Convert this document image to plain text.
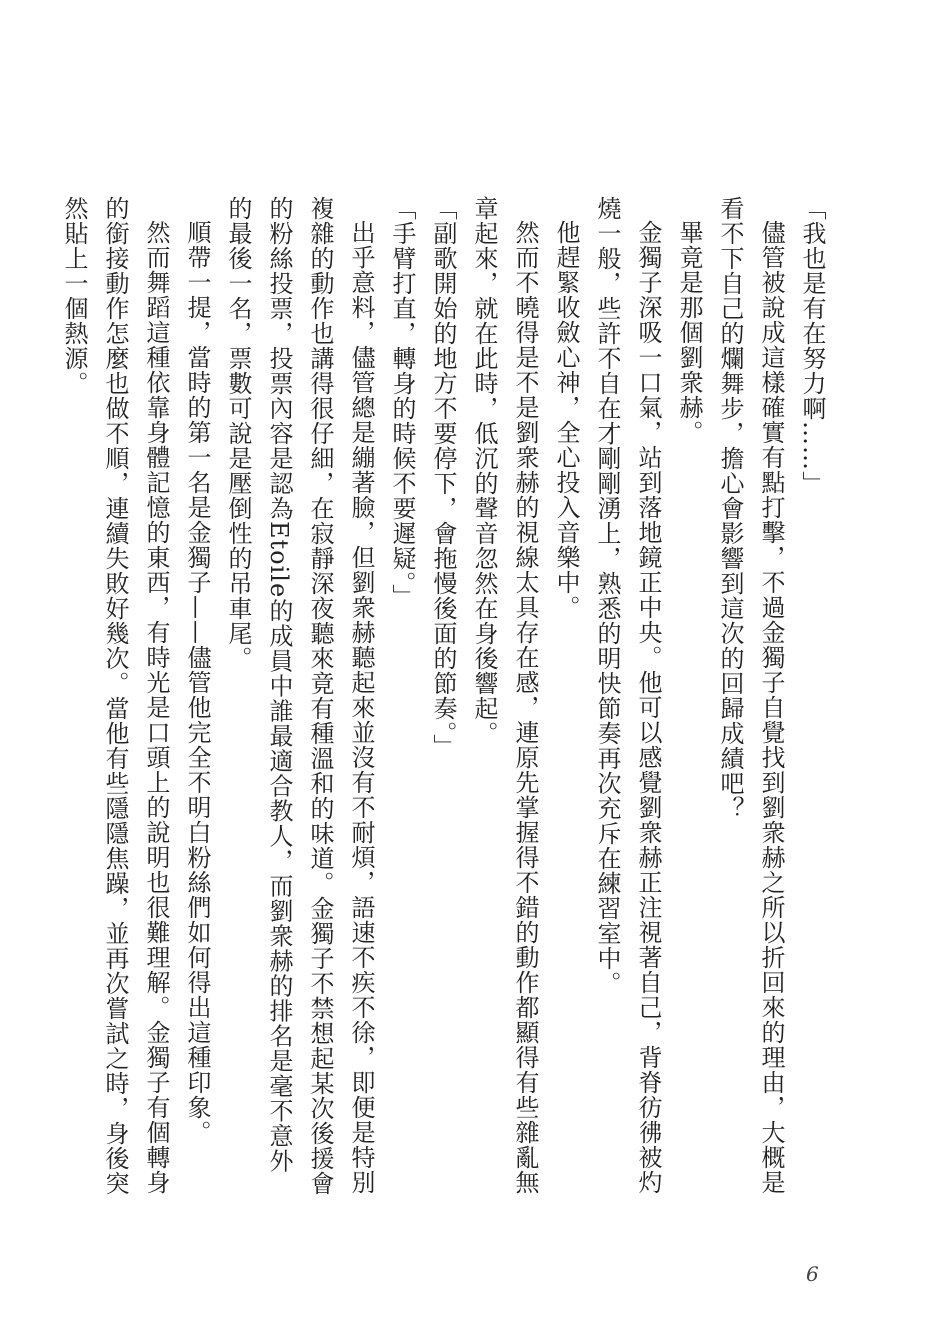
「我也是有在努力啊……」

儘管被說成這樣確實有點打擊，不過金獨子自覺找到劉衆赫之所以折回來的理由，大概是看不下自己的爛舞步，擔心會影響到這次的回歸成績吧？

畢竟是那個劉衆赫。

金獨子深吸一口氣，站到落地鏡正中央。他可以感覺劉衆赫正注視著自己，背脊彷彿被灼燒一般，些許不自在才剛剛湧上，熟悉的明快節奏再次充斥在練習室中。

他趕緊收斂心神，全心投入音樂中。

然而不曉得是不是劉衆赫的視線太具存在感，連原先掌握得不錯的動作都顯得有些雜亂無章起來，就在此時，低沉的聲音忽然在身後響起。

「副歌開始的地方不要停下，會拖慢後面的節奏。」

「手臂打直，轉身的時候不要遲疑。」

出乎意料，儘管總是繃著臉，但劉衆赫聽起來並沒有不耐煩，語速不疾不徐，即便是特別複雜的動作也講得很仔細，在寂靜深夜聽來竟有種溫和的味道。金獨子不禁想起某次後援會的粉絲投票，投票內容是認為Etoile的成員中誰最適合教人，而劉衆赫的排名是毫不意外的最後一名，票數可說是壓倒性的吊車尾。

順帶一提，當時的第一名是金獨子——儘管他完全不明白粉絲們如何得出這種印象。

然而舞蹈這種依靠身體記憶的東西，有時光是口頭上的說明也很難理解。金獨子有個轉身的銜接動作怎麼也做不順，連續失敗好幾次。當他有些隱隱焦躁，並再次嘗試之時，身後突然貼上一個熱源。

6
